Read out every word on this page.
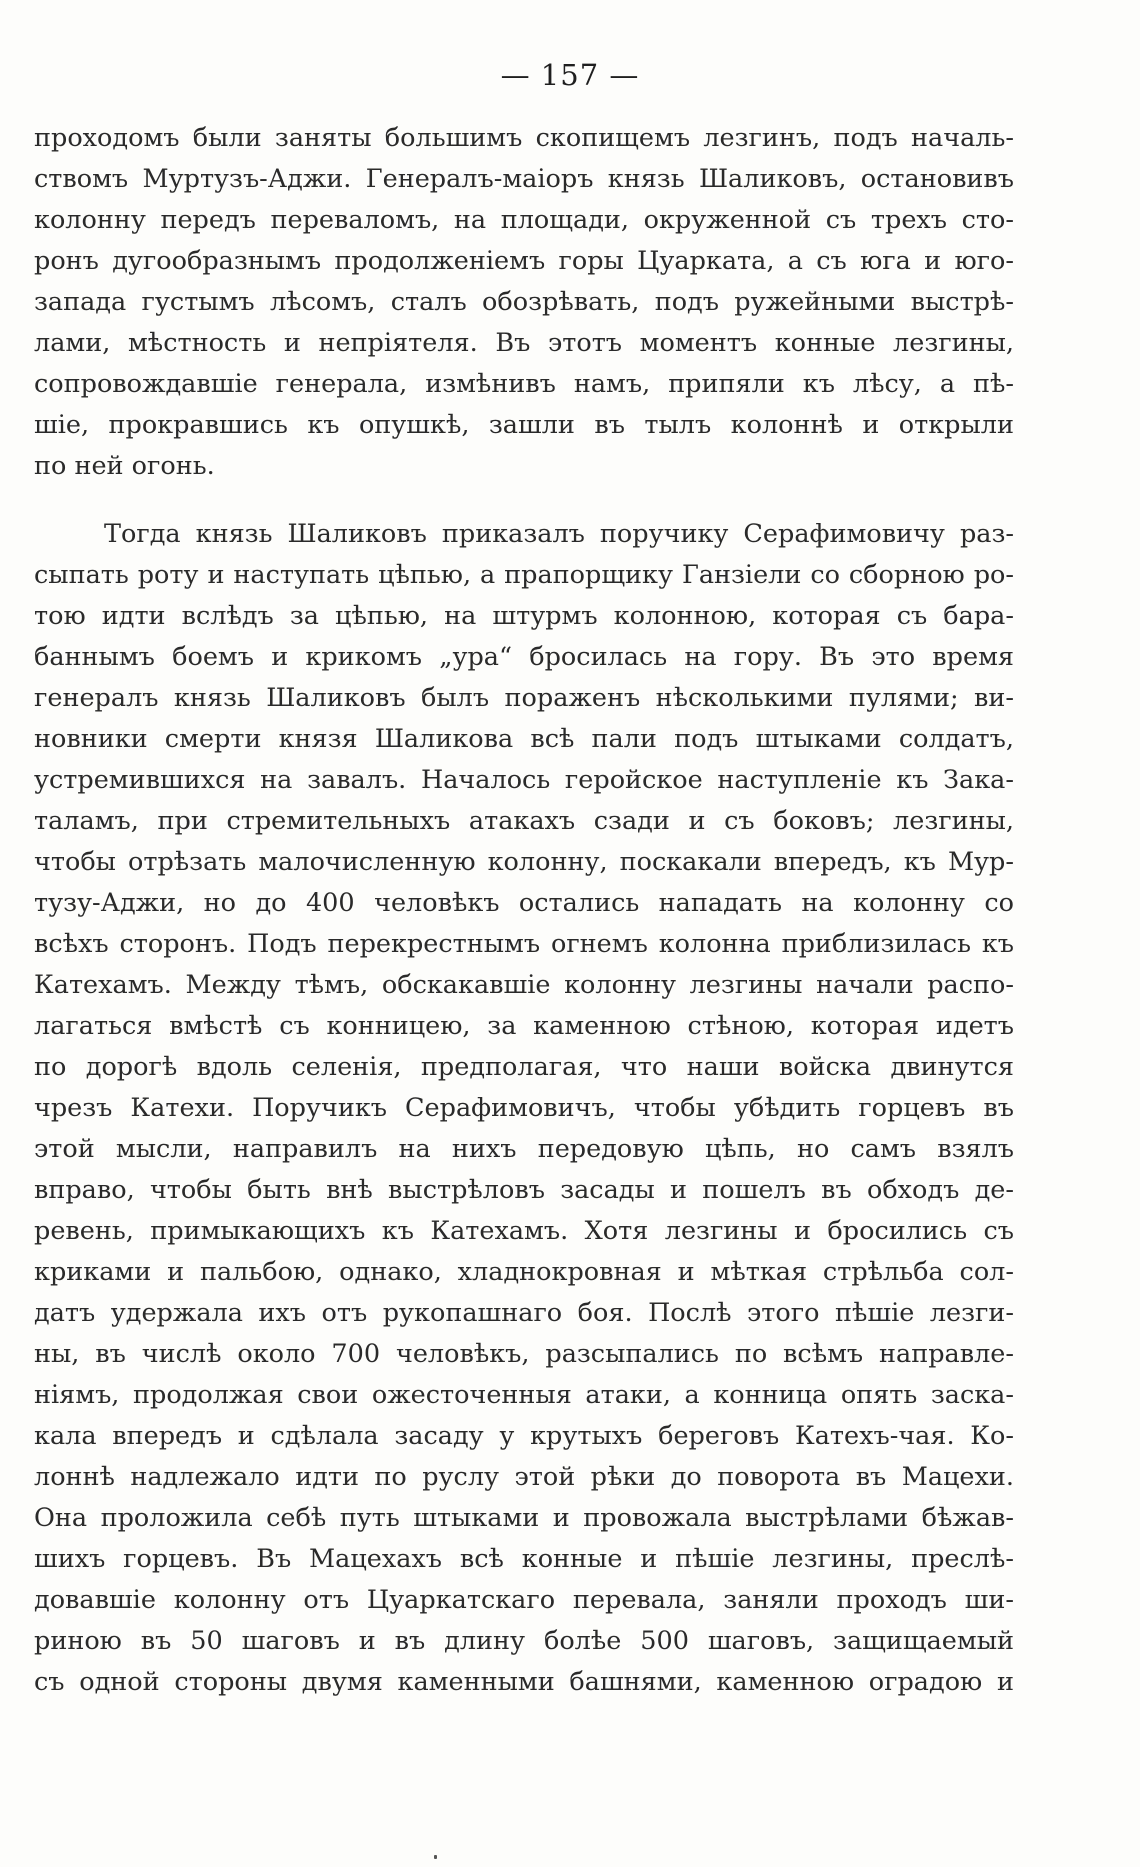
— 157 —
проходомъ были заняты большимъ скопищемъ лезгинъ, подъ началь-
ствомъ Муртузъ-Аджи. Генералъ-маіоръ князь Шаликовъ, остановивъ
колонну передъ переваломъ, на площади, окруженной съ трехъ сто-
ронъ дугообразнымъ продолженіемъ горы Цуарката, а съ юга и юго-
запада густымъ лѣсомъ, сталъ обозрѣвать, подъ ружейными выстрѣ-
лами, мѣстность и непріятеля. Въ этотъ моментъ конные лезгины,
сопровождавшіе генерала, измѣнивъ намъ, припяли къ лѣсу, а пѣ-
шіе, прокравшись къ опушкѣ, зашли въ тылъ колоннѣ и открыли
по ней огонь.
Тогда князь Шаликовъ приказалъ поручику Серафимовичу раз-
сыпать роту и наступать цѣпью, а прапорщику Ганзіели со сборною ро-
тою идти вслѣдъ за цѣпью, на штурмъ колонною, которая съ бара-
баннымъ боемъ и крикомъ „ура“ бросилась на гору. Въ это время
генералъ князь Шаликовъ былъ пораженъ нѣсколькими пулями; ви-
новники смерти князя Шаликова всѣ пали подъ штыками солдатъ,
устремившихся на завалъ. Началось геройское наступленіе къ Зака-
таламъ, при стремительныхъ атакахъ сзади и съ боковъ; лезгины,
чтобы отрѣзать малочисленную колонну, поскакали впередъ, къ Мур-
тузу-Аджи, но до 400 человѣкъ остались нападать на колонну со
всѣхъ сторонъ. Подъ перекрестнымъ огнемъ колонна приблизилась къ
Катехамъ. Между тѣмъ, обскакавшіе колонну лезгины начали распо-
лагаться вмѣстѣ съ конницею, за каменною стѣною, которая идетъ
по дорогѣ вдоль селенія, предполагая, что наши войска двинутся
чрезъ Катехи. Поручикъ Серафимовичъ, чтобы убѣдить горцевъ въ
этой мысли, направилъ на нихъ передовую цѣпь, но самъ взялъ
вправо, чтобы быть внѣ выстрѣловъ засады и пошелъ въ обходъ де-
ревень, примыкающихъ къ Катехамъ. Хотя лезгины и бросились съ
криками и пальбою, однако, хладнокровная и мѣткая стрѣльба сол-
датъ удержала ихъ отъ рукопашнаго боя. Послѣ этого пѣшіе лезги-
ны, въ числѣ около 700 человѣкъ, разсыпались по всѣмъ направле-
ніямъ, продолжая свои ожесточенныя атаки, а конница опять заска-
кала впередъ и сдѣлала засаду у крутыхъ береговъ Катехъ-чая. Ко-
лоннѣ надлежало идти по руслу этой рѣки до поворота въ Мацехи.
Она проложила себѣ путь штыками и провожала выстрѣлами бѣжав-
шихъ горцевъ. Въ Мацехахъ всѣ конные и пѣшіе лезгины, преслѣ-
довавшіе колонну отъ Цуаркатскаго перевала, заняли проходъ ши-
риною въ 50 шаговъ и въ длину болѣе 500 шаговъ, защищаемый
съ одной стороны двумя каменными башнями, каменною оградою и
